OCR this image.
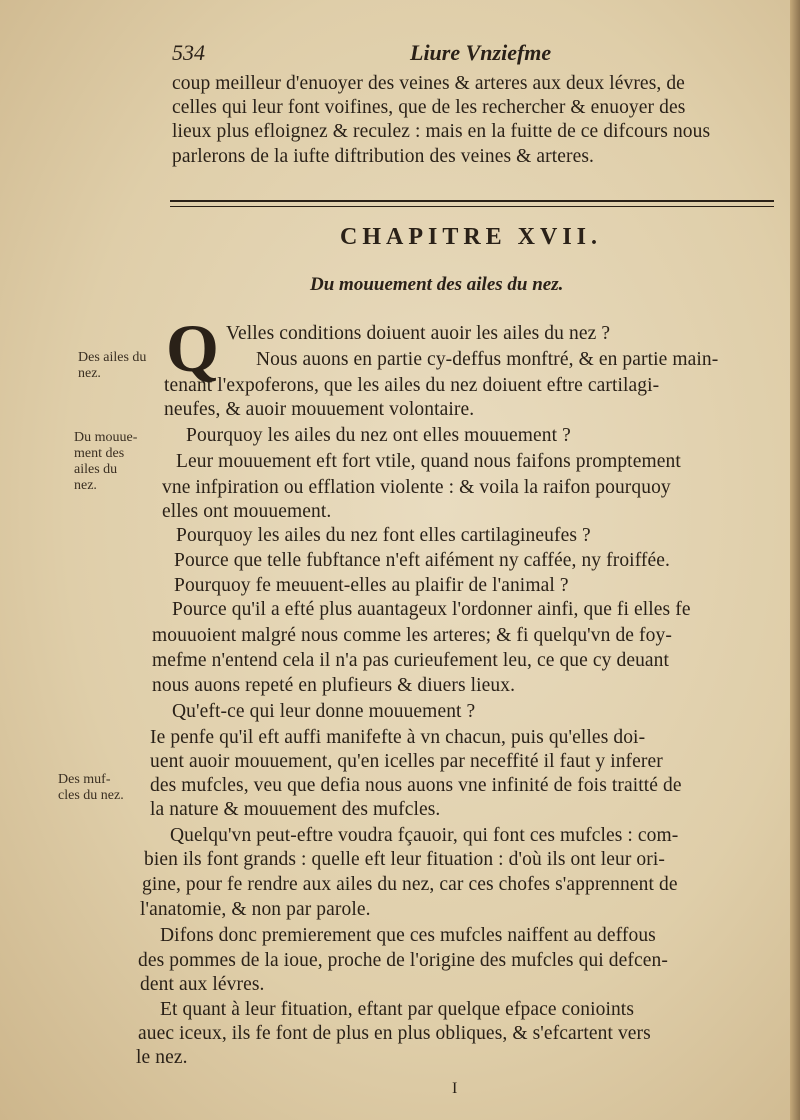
534	Liure Vnziefme
coup meilleur d'enuoyer des veines & arteres aux deux lévres, de
celles qui leur font voifines, que de les rechercher & enuoyer des
lieux plus efloignez & reculez : mais en la fuitte de ce difcours nous
parlerons de la iufte diftribution des veines & arteres.
CHAPITRE XVII.
Du mouuement des ailes du nez.
Q Velles conditions doiuent auoir les ailes du nez ?
Nous auons en partie cy-deffus monftré, & en partie main-
tenant l'expoferons, que les ailes du nez doiuent eftre cartilagi-
neufes, & auoir mouuement volontaire.
Pourquoy les ailes du nez ont elles mouuement ?
Leur mouuement eft fort vtile, quand nous faifons promptement
vne infpiration ou efflation violente : & voila la raifon pourquoy
elles ont mouuement.
Pourquoy les ailes du nez font elles cartilagineufes ?
Pource que telle fubftance n'eft aifément ny caffée, ny froiffée.
Pourquoy fe meuuent-elles au plaifir de l'animal ?
Pource qu'il a efté plus auantageux l'ordonner ainfi, que fi elles fe
mouuoient malgré nous comme les arteres; & fi quelqu'vn de foy-
mefme n'entend cela il n'a pas curieufement leu, ce que cy deuant
nous auons repeté en plufieurs & diuers lieux.
Qu'eft-ce qui leur donne mouuement ?
Ie penfe qu'il eft auffi manifefte à vn chacun, puis qu'elles doi-
uent auoir mouuement, qu'en icelles par neceffité il faut y inferer
des mufcles, veu que defia nous auons vne infinité de fois traitté de
la nature & mouuement des mufcles.
Quelqu'vn peut-eftre voudra fçauoir, qui font ces mufcles : com-
bien ils font grands : quelle eft leur fituation : d'où ils ont leur ori-
gine, pour fe rendre aux ailes du nez, car ces chofes s'apprennent de
l'anatomie, & non par parole.
Difons donc premierement que ces mufcles naiffent au deffous
des pommes de la ioue, proche de l'origine des mufcles qui defcen-
dent aux lévres.
Et quant à leur fituation, eftant par quelque efpace conioints
auec iceux, ils fe font de plus en plus obliques, & s'efcartent vers
le nez.
Des ailes du
nez.
Du mouue-
ment des
ailes du
nez.
Des muf-
cles du nez.
I
